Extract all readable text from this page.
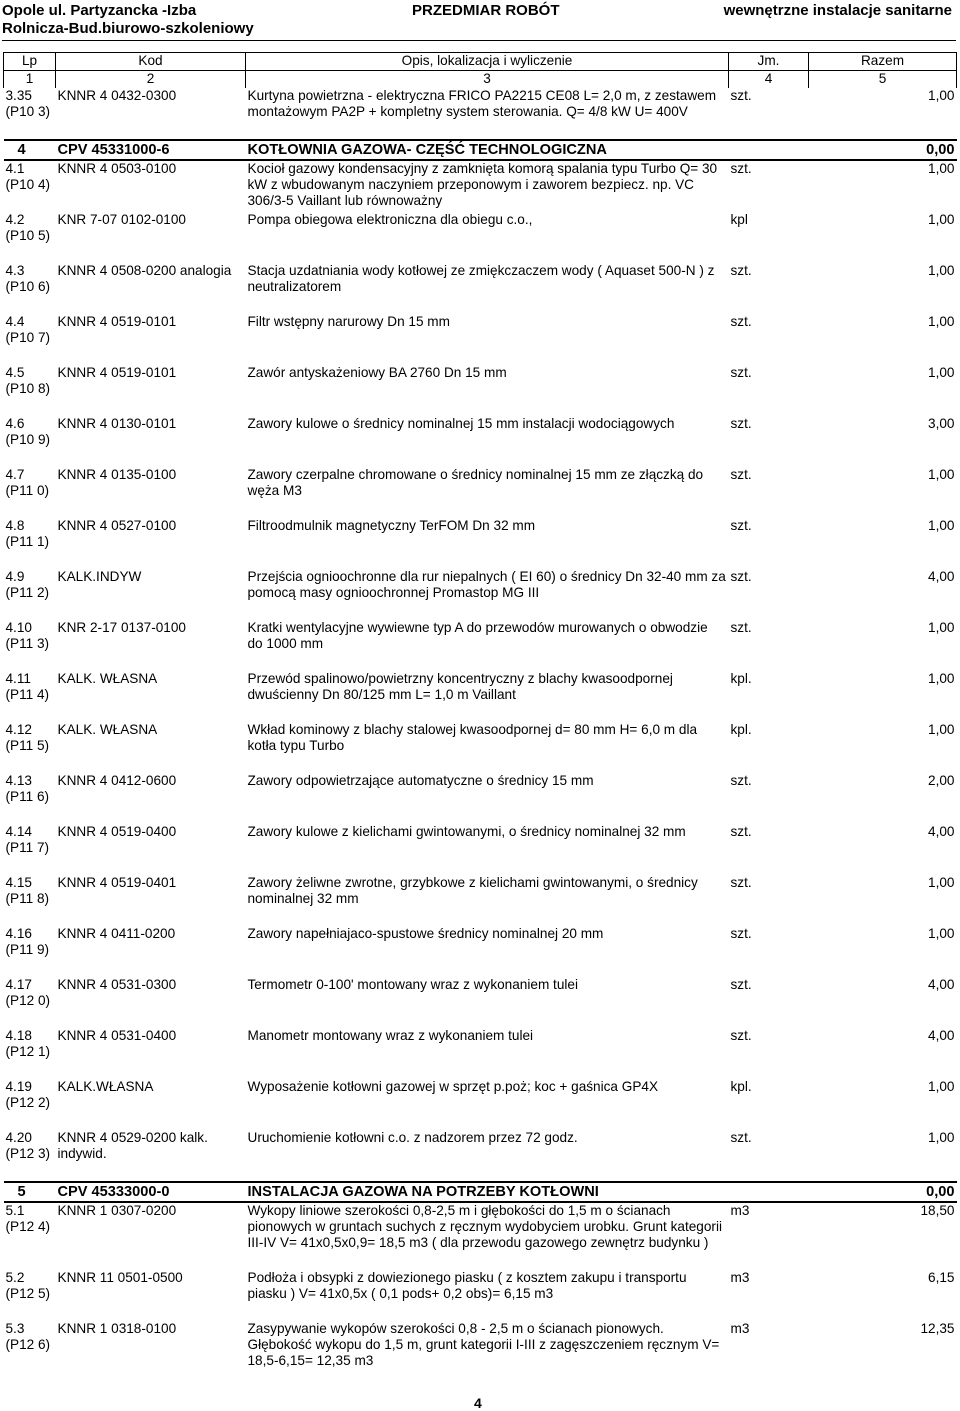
Opole ul. Partyzancka -Izba
Rolnicza-Bud.biurowo-szkoleniowy
PRZEDMIAR ROBÓT	wewnętrzne instalacje sanitarne
Lp	Kod	Opis, lokalizacja i wyliczenie	Jm.	Razem
1	2	3	4	5
3.35 (P10 3)	KNNR 4 0432-0300	Kurtyna powietrzna - elektryczna FRICO PA2215 CE08 L= 2,0 m, z zestawem montażowym PA2P + kompletny system sterowania. Q= 4/8 kW U= 400V	szt.	1,00
4	CPV 45331000-6	KOTŁOWNIA GAZOWA- CZĘŚĆ TECHNOLOGICZNA		0,00
4.1 (P10 4)	KNNR 4 0503-0100	Kocioł gazowy kondensacyjny z zamknięta komorą spalania typu Turbo Q= 30 kW z wbudowanym naczyniem przeponowym i zaworem bezpiecz. np. VC 306/3-5 Vaillant lub równoważny	szt.	1,00
4.2 (P10 5)	KNR 7-07 0102-0100	Pompa obiegowa elektroniczna dla obiegu c.o.,	kpl	1,00
4.3 (P10 6)	KNNR 4 0508-0200 analogia	Stacja uzdatniania wody kotłowej ze zmiękczaczem wody ( Aquaset 500-N ) z neutralizatorem	szt.	1,00
4.4 (P10 7)	KNNR 4 0519-0101	Filtr wstępny narurowy Dn 15 mm	szt.	1,00
4.5 (P10 8)	KNNR 4 0519-0101	Zawór antyskażeniowy BA 2760 Dn 15 mm	szt.	1,00
4.6 (P10 9)	KNNR 4 0130-0101	Zawory kulowe o średnicy nominalnej 15 mm instalacji wodociągowych	szt.	3,00
4.7 (P11 0)	KNNR 4 0135-0100	Zawory czerpalne chromowane o średnicy nominalnej 15 mm ze złączką do węża M3	szt.	1,00
4.8 (P11 1)	KNNR 4 0527-0100	Filtroodmulnik magnetyczny TerFOM Dn 32 mm	szt.	1,00
4.9 (P11 2)	KALK.INDYW	Przejścia ognioochronne dla rur niepalnych ( EI 60) o średnicy Dn 32-40 mm za pomocą masy ognioochronnej Promastop MG III	szt.	4,00
4.10 (P11 3)	KNR 2-17 0137-0100	Kratki wentylacyjne wywiewne typ A do przewodów murowanych o obwodzie do 1000 mm	szt.	1,00
4.11 (P11 4)	KALK. WŁASNA	Przewód spalinowo/powietrzny koncentryczny z blachy kwasoodpornej dwuścienny Dn 80/125 mm L= 1,0 m Vaillant	kpl.	1,00
4.12 (P11 5)	KALK. WŁASNA	Wkład kominowy z blachy stalowej kwasoodpornej d= 80 mm H= 6,0 m dla kotła typu Turbo	kpl.	1,00
4.13 (P11 6)	KNNR 4 0412-0600	Zawory odpowietrzające automatyczne o średnicy 15 mm	szt.	2,00
4.14 (P11 7)	KNNR 4 0519-0400	Zawory kulowe z kielichami gwintowanymi, o średnicy nominalnej 32 mm	szt.	4,00
4.15 (P11 8)	KNNR 4 0519-0401	Zawory żeliwne zwrotne, grzybkowe z kielichami gwintowanymi, o średnicy nominalnej 32 mm	szt.	1,00
4.16 (P11 9)	KNNR 4 0411-0200	Zawory napełniajaco-spustowe średnicy nominalnej 20 mm	szt.	1,00
4.17 (P12 0)	KNNR 4 0531-0300	Termometr 0-100' montowany wraz z wykonaniem tulei	szt.	4,00
4.18 (P12 1)	KNNR 4 0531-0400	Manometr montowany wraz z wykonaniem tulei	szt.	4,00
4.19 (P12 2)	KALK.WŁASNA	Wyposażenie kotłowni gazowej w sprzęt p.poż; koc + gaśnica GP4X	kpl.	1,00
4.20 (P12 3)	KNNR 4 0529-0200 kalk. indywid.	Uruchomienie kotłowni c.o. z nadzorem przez 72 godz.	szt.	1,00
5	CPV 45333000-0	INSTALACJA GAZOWA NA POTRZEBY KOTŁOWNI		0,00
5.1 (P12 4)	KNNR 1 0307-0200	Wykopy liniowe szerokości 0,8-2,5 m i głębokości do 1,5 m o ścianach pionowych w gruntach suchych z ręcznym wydobyciem urobku. Grunt kategorii III-IV V= 41x0,5x0,9= 18,5 m3 ( dla przewodu gazowego zewnętrz budynku )	m3	18,50
5.2 (P12 5)	KNNR 11 0501-0500	Podłoża i obsypki z dowiezionego piasku ( z kosztem zakupu i transportu piasku ) V= 41x0,5x ( 0,1 pods+ 0,2 obs)= 6,15 m3	m3	6,15
5.3 (P12 6)	KNNR 1 0318-0100	Zasypywanie wykopów szerokości 0,8 - 2,5 m o ścianach pionowych. Głębokość wykopu do 1,5 m, grunt kategorii I-III z zagęszczeniem ręcznym V= 18,5-6,15= 12,35 m3	m3	12,35
4
